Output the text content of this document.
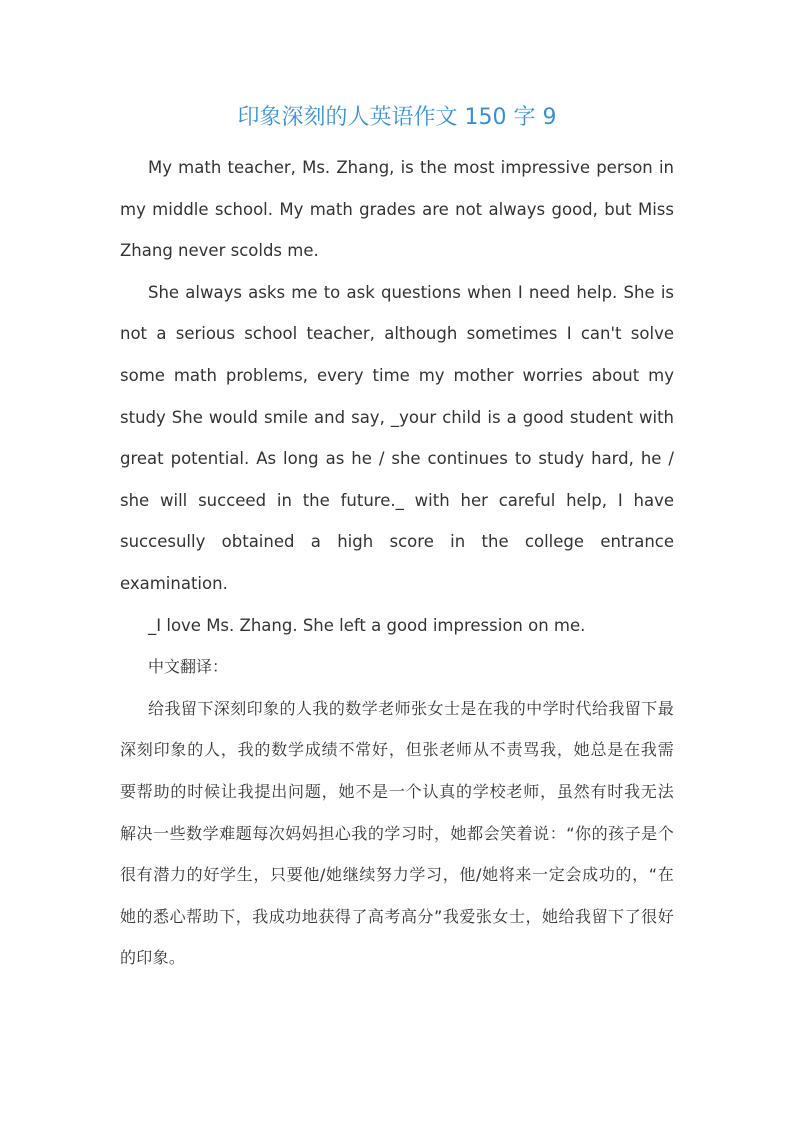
印象深刻的人英语作文 150 字 9

My math teacher, Ms. Zhang, is the most impressive person in my middle school. My math grades are not always good, but Miss Zhang never scolds me.

She always asks me to ask questions when I need help. She is not a serious school teacher, although sometimes I can't solve some math problems, every time my mother worries about my study She would smile and say, _your child is a good student with great potential. As long as he / she continues to study hard, he / she will succeed in the future._ with her careful help, I have succesully obtained a high score in the college entrance examination.

_I love Ms. Zhang. She left a good impression on me.

中文翻译：

给我留下深刻印象的人我的数学老师张女士是在我的中学时代给我留下最深刻印象的人，我的数学成绩不常好，但张老师从不责骂我，她总是在我需要帮助的时候让我提出问题，她不是一个认真的学校老师，虽然有时我无法解决一些数学难题每次妈妈担心我的学习时，她都会笑着说：“你的孩子是个很有潜力的好学生，只要他/她继续努力学习，他/她将来一定会成功的，“在她的悉心帮助下，我成功地获得了高考高分”我爱张女士，她给我留下了很好的印象。
